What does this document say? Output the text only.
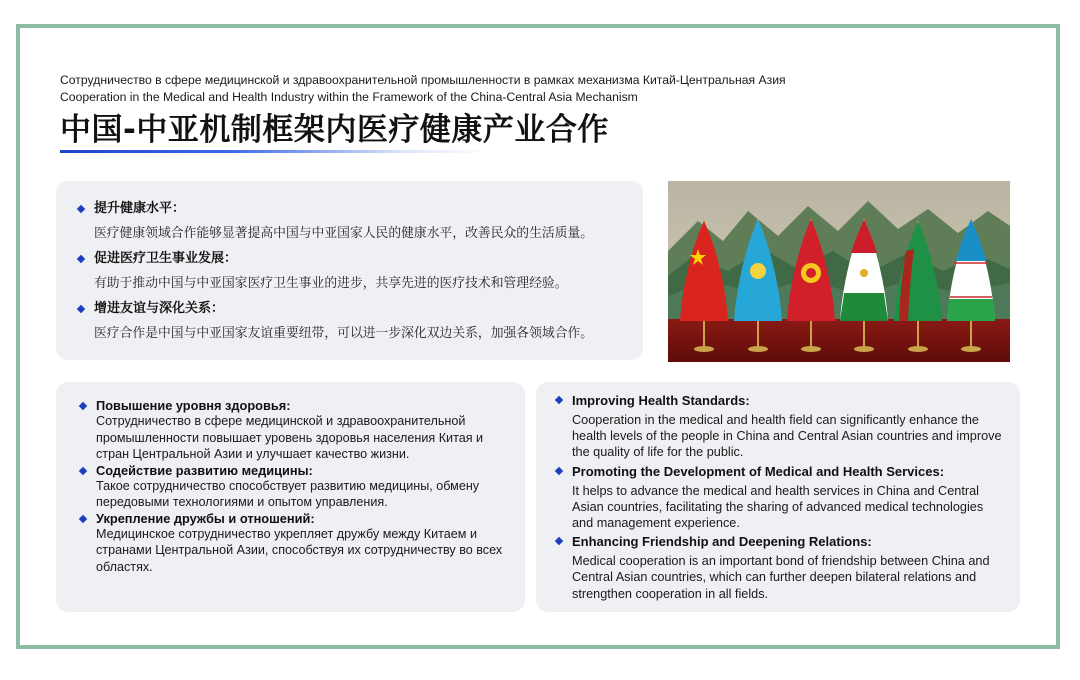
Сотрудничество в сфере медицинской и здравоохранительной промышленности в рамках механизма Китай-Центральная Азия
Cooperation in the Medical and Health Industry within the Framework of the China-Central Asia Mechanism
中国-中亚机制框架内医疗健康产业合作
提升健康水平：
医疗健康领域合作能够显著提高中国与中亚国家人民的健康水平，改善民众的生活质量。
促进医疗卫生事业发展：
有助于推动中国与中亚国家医疗卫生事业的进步，共享先进的医疗技术和管理经验。
增进友谊与深化关系：
医疗合作是中国与中亚国家友谊重要纽带，可以进一步深化双边关系，加强各领域合作。
Повышение уровня здоровья:
Сотрудничество в сфере медицинской и здравоохранительной промышленности повышает уровень здоровья населения Китая и стран Центральной Азии и улучшает качество жизни.
Содействие развитию медицины:
Такое сотрудничество способствует развитию медицины, обмену передовыми технологиями и опытом управления.
Укрепление дружбы и отношений:
Медицинское сотрудничество укрепляет дружбу между Китаем и странами Центральной Азии, способствуя их сотрудничеству во всех областях.
Improving Health Standards:
Cooperation in the medical and health field can significantly enhance the health levels of the people in China and Central Asian countries and improve the quality of life for the public.
Promoting the Development of Medical and Health Services:
It helps to advance the medical and health services in China and Central Asian countries, facilitating the sharing of advanced medical technologies and management experience.
Enhancing Friendship and Deepening Relations:
Medical cooperation is an important bond of friendship between China and Central Asian countries, which can further deepen bilateral relations and strengthen cooperation in all fields.
